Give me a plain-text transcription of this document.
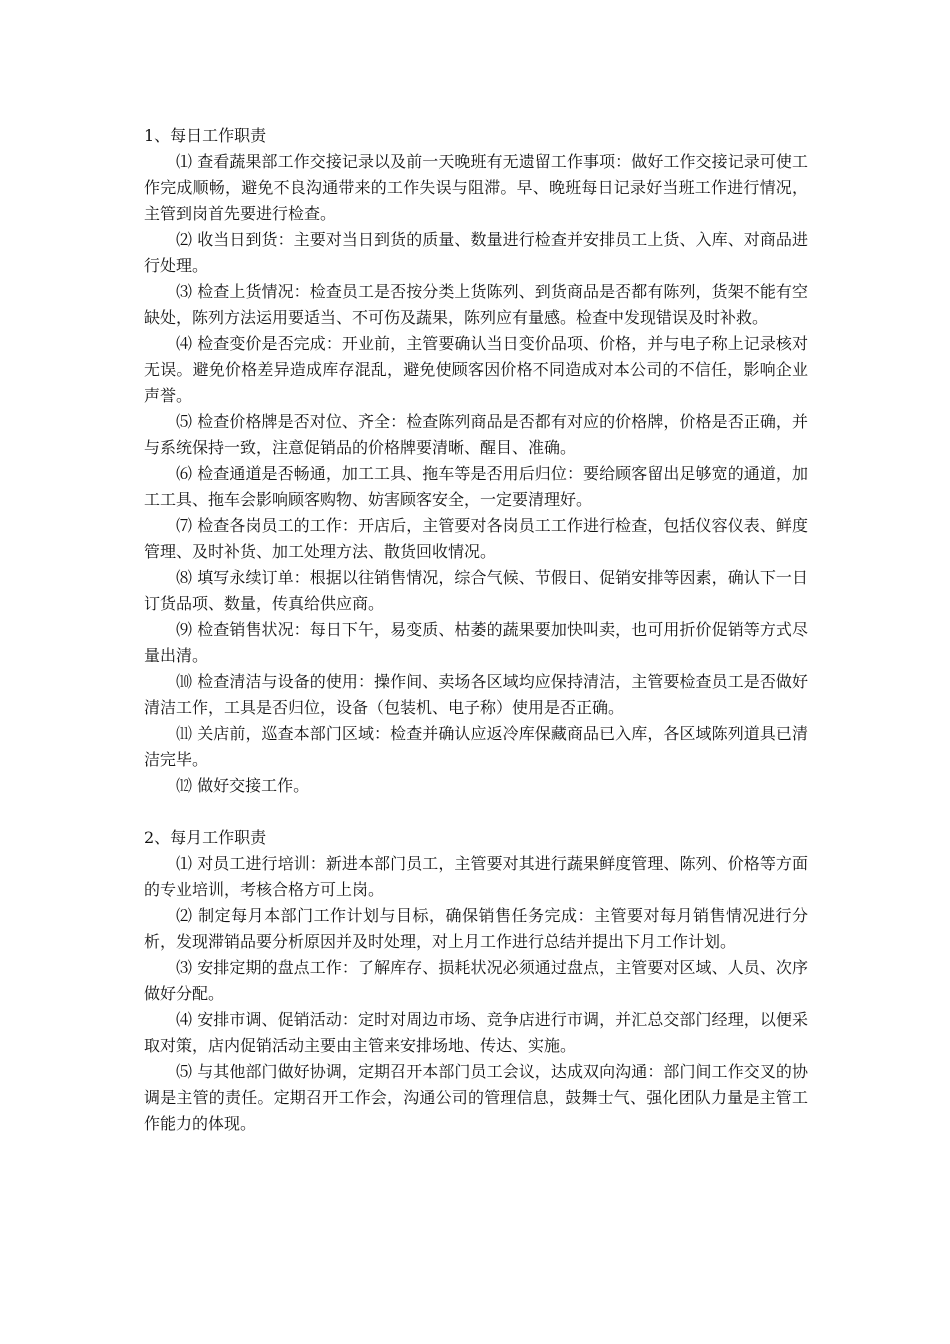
1、每日工作职责

⑴ 查看蔬果部工作交接记录以及前一天晚班有无遗留工作事项：做好工作交接记录可使工作完成顺畅，避免不良沟通带来的工作失误与阻滞。早、晚班每日记录好当班工作进行情况，主管到岗首先要进行检查。

⑵ 收当日到货：主要对当日到货的质量、数量进行检查并安排员工上货、入库、对商品进行处理。

⑶ 检查上货情况：检查员工是否按分类上货陈列、到货商品是否都有陈列，货架不能有空缺处，陈列方法运用要适当、不可伤及蔬果，陈列应有量感。检查中发现错误及时补救。

⑷ 检查变价是否完成：开业前，主管要确认当日变价品项、价格，并与电子称上记录核对无误。避免价格差异造成库存混乱，避免使顾客因价格不同造成对本公司的不信任，影响企业声誉。

⑸ 检查价格牌是否对位、齐全：检查陈列商品是否都有对应的价格牌，价格是否正确，并与系统保持一致，注意促销品的价格牌要清晰、醒目、准确。

⑹ 检查通道是否畅通，加工工具、拖车等是否用后归位：要给顾客留出足够宽的通道，加工工具、拖车会影响顾客购物、妨害顾客安全，一定要清理好。

⑺ 检查各岗员工的工作：开店后，主管要对各岗员工工作进行检查，包括仪容仪表、鲜度管理、及时补货、加工处理方法、散货回收情况。

⑻ 填写永续订单：根据以往销售情况，综合气候、节假日、促销安排等因素，确认下一日订货品项、数量，传真给供应商。

⑼ 检查销售状况：每日下午，易变质、枯萎的蔬果要加快叫卖，也可用折价促销等方式尽量出清。

⑽ 检查清洁与设备的使用：操作间、卖场各区域均应保持清洁，主管要检查员工是否做好清洁工作，工具是否归位，设备（包装机、电子称）使用是否正确。

⑾ 关店前，巡查本部门区域：检查并确认应返冷库保藏商品已入库，各区域陈列道具已清洁完毕。

⑿ 做好交接工作。

2、每月工作职责

⑴ 对员工进行培训：新进本部门员工，主管要对其进行蔬果鲜度管理、陈列、价格等方面的专业培训，考核合格方可上岗。

⑵ 制定每月本部门工作计划与目标，确保销售任务完成：主管要对每月销售情况进行分析，发现滞销品要分析原因并及时处理，对上月工作进行总结并提出下月工作计划。

⑶ 安排定期的盘点工作：了解库存、损耗状况必须通过盘点，主管要对区域、人员、次序做好分配。

⑷ 安排市调、促销活动：定时对周边市场、竞争店进行市调，并汇总交部门经理，以便采取对策，店内促销活动主要由主管来安排场地、传达、实施。

⑸ 与其他部门做好协调，定期召开本部门员工会议，达成双向沟通：部门间工作交叉的协调是主管的责任。定期召开工作会，沟通公司的管理信息，鼓舞士气、强化团队力量是主管工作能力的体现。
